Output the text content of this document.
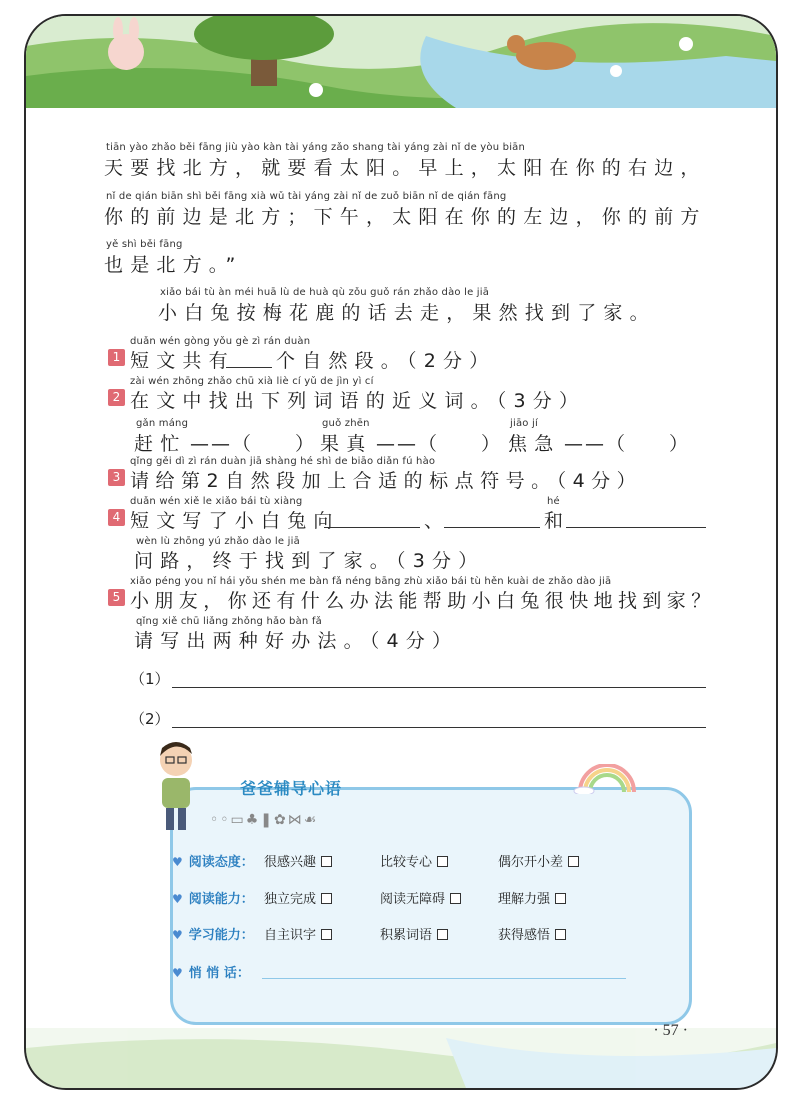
tiān yào zhǎo běi fāng jiù yào kàn tài yáng zǎo shang tài yáng zài nǐ de yòu biān
天要找北方，就要看太阳。早上，太阳在你的右边，
nǐ de qián biān shì běi fāng xià wǔ tài yáng zài nǐ de zuǒ biān nǐ de qián fāng
你的前边是北方；下午，太阳在你的左边，你的前方
yě shì běi fāng
也是北方。”
xiǎo bái tù àn méi huā lù de huà qù zǒu guǒ rán zhǎo dào le jiā
小白兔按梅花鹿的话去走，果然找到了家。
1
duǎn wén gòng yǒu gè zì rán duàn
短文共有 个自然段。（2分）
2
zài wén zhōng zhǎo chū xià liè cí yǔ de jìn yì cí
在文中找出下列词语的近义词。（3分）
gǎn máng
赶忙 ——（　　）
guǒ zhēn
果真 ——（　　）
jiāo jí
焦急 ——（　　）
3
qǐng gěi dì zì rán duàn jiā shàng hé shì de biāo diǎn fú hào
请给第2自然段加上合适的标点符号。（4分）
4
duǎn wén xiě le xiǎo bái tù xiàng
短文写了小白兔向	、
hé
和
wèn lù zhōng yú zhǎo dào le jiā
问路，终于找到了家。（3分）
5
xiǎo péng you nǐ hái yǒu shén me bàn fǎ néng bāng zhù xiǎo bái tù hěn kuài de zhǎo dào jiā
小朋友，你还有什么办法能帮助小白兔很快地找到家？
qǐng xiě chū liǎng zhǒng hǎo bàn fǎ
请写出两种好办法。（4分）
（1）
（2）
爸爸辅导心语
◦◦▭♣❚✿⋈☙
♥ 阅读态度： 很感兴趣	比较专心	偶尔开小差
♥ 阅读能力： 独立完成	阅读无障碍	理解力强
♥ 学习能力： 自主识字	积累词语	获得感悟
♥ 悄 悄 话：
· 57 ·
